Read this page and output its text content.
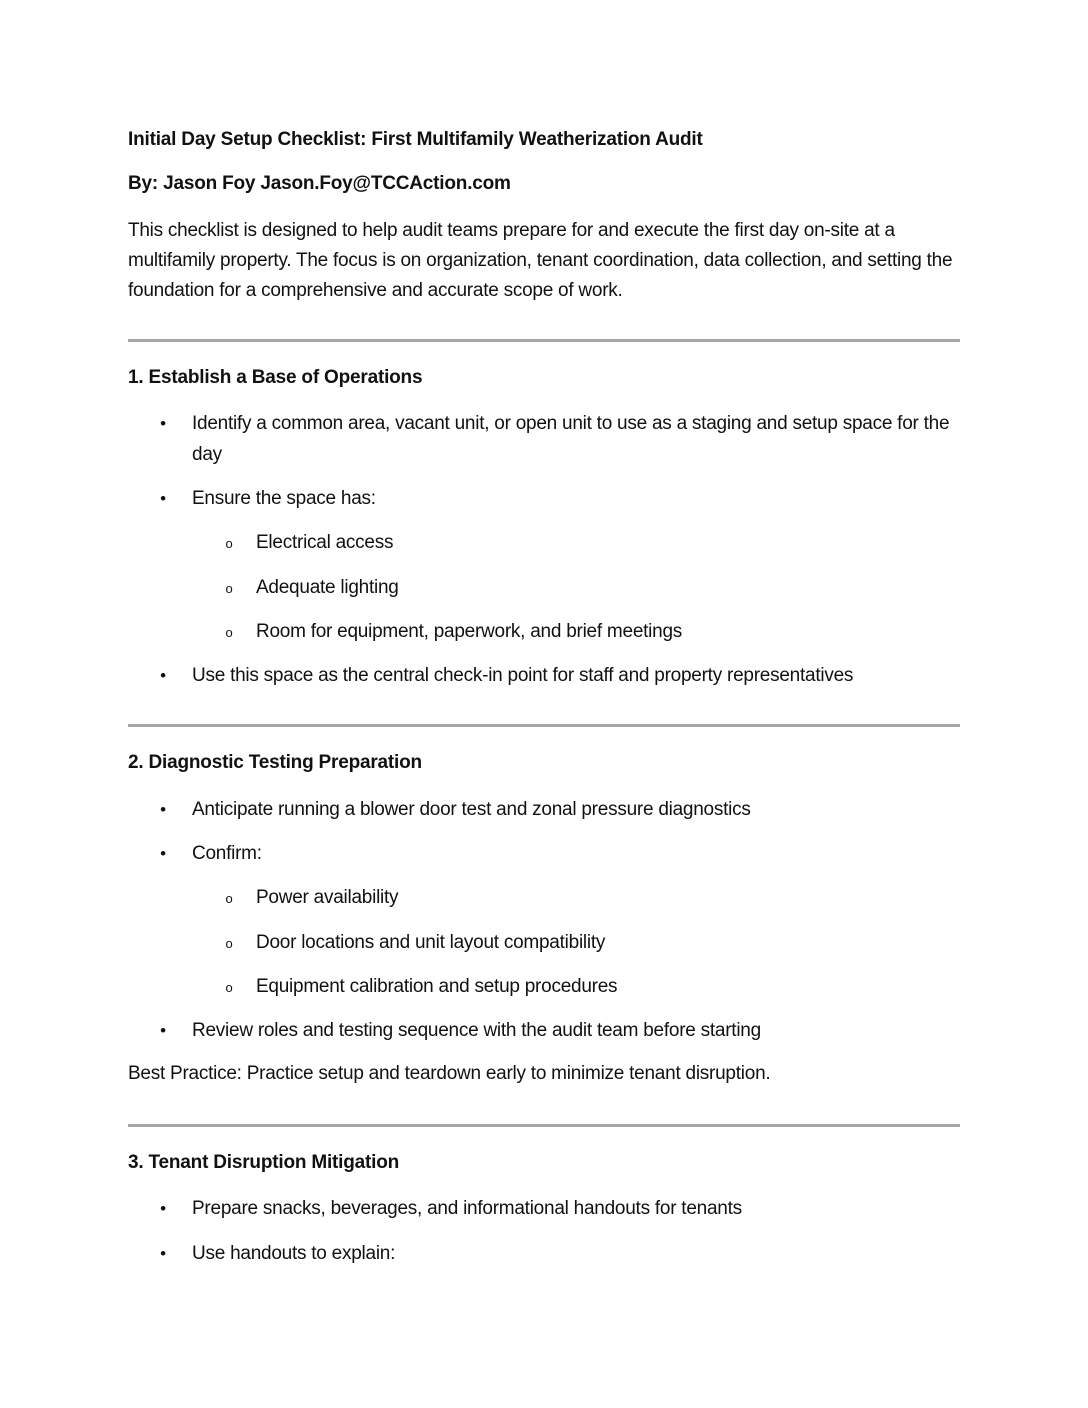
Initial Day Setup Checklist: First Multifamily Weatherization Audit
By: Jason Foy Jason.Foy@TCCAction.com
This checklist is designed to help audit teams prepare for and execute the first day on-site at a multifamily property. The focus is on organization, tenant coordination, data collection, and setting the foundation for a comprehensive and accurate scope of work.
1. Establish a Base of Operations
• Identify a common area, vacant unit, or open unit to use as a staging and setup space for the day
• Ensure the space has:
o Electrical access
o Adequate lighting
o Room for equipment, paperwork, and brief meetings
• Use this space as the central check-in point for staff and property representatives
2. Diagnostic Testing Preparation
• Anticipate running a blower door test and zonal pressure diagnostics
• Confirm:
o Power availability
o Door locations and unit layout compatibility
o Equipment calibration and setup procedures
• Review roles and testing sequence with the audit team before starting
Best Practice: Practice setup and teardown early to minimize tenant disruption.
3. Tenant Disruption Mitigation
• Prepare snacks, beverages, and informational handouts for tenants
• Use handouts to explain:
